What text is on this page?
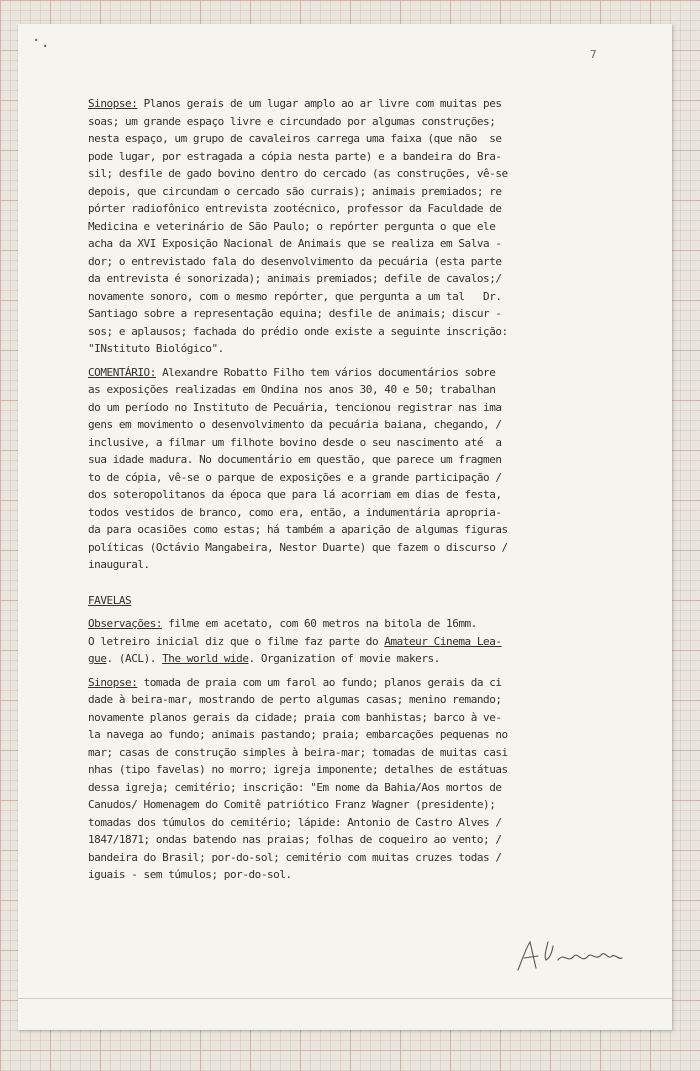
· ·	7
Sinopse: Planos gerais de um lugar amplo ao ar livre com muitas pes
soas; um grande espaço livre e circundado por algumas construções;
nesta espaço, um grupo de cavaleiros carrega uma faixa (que não  se
pode lugar, por estragada a cópia nesta parte) e a bandeira do Bra-
sil; desfile de gado bovino dentro do cercado (as construções, vê-se
depois, que circundam o cercado são currais); animais premiados; re
pórter radiofônico entrevista zootécnico, professor da Faculdade de
Medicina e veterinário de São Paulo; o repórter pergunta o que ele
acha da XVI Exposição Nacional de Animais que se realiza em Salva -
dor; o entrevistado fala do desenvolvimento da pecuária (esta parte
da entrevista é sonorizada); animais premiados; defile de cavalos;/
novamente sonoro, com o mesmo repórter, que pergunta a um tal   Dr.
Santiago sobre a representação equina; desfile de animais; discur -
sos; e aplausos; fachada do prédio onde existe a seguinte inscrição:
"INstituto Biológico".
COMENTÁRIO: Alexandre Robatto Filho tem vários documentários sobre
as exposições realizadas em Ondina nos anos 30, 40 e 50; trabalhan
do um período no Instituto de Pecuária, tencionou registrar nas ima
gens em movimento o desenvolvimento da pecuária baiana, chegando, /
inclusive, a filmar um filhote bovino desde o seu nascimento até  a
sua idade madura. No documentário em questão, que parece um fragmen
to de cópia, vê-se o parque de exposições e a grande participação /
dos soteropolitanos da época que para lá acorriam em dias de festa,
todos vestidos de branco, como era, então, a indumentária apropria-
da para ocasiões como estas; há também a aparição de algumas figuras
políticas (Octávio Mangabeira, Nestor Duarte) que fazem o discurso /
inaugural.
FAVELAS
Observações: filme em acetato, com 60 metros na bitola de 16mm.
O letreiro inicial diz que o filme faz parte do Amateur Cinema Lea-
gue. (ACL). The world wide. Organization of movie makers.
Sinopse: tomada de praia com um farol ao fundo; planos gerais da ci
dade à beira-mar, mostrando de perto algumas casas; menino remando;
novamente planos gerais da cidade; praia com banhistas; barco à ve-
la navega ao fundo; animais pastando; praia; embarcações pequenas no
mar; casas de construção simples à beira-mar; tomadas de muitas casi
nhas (tipo favelas) no morro; igreja imponente; detalhes de estátuas
dessa igreja; cemitério; inscrição: "Em nome da Bahia/Aos mortos de
Canudos/ Homenagem do Comitê patriótico Franz Wagner (presidente);
tomadas dos túmulos do cemitério; lápide: Antonio de Castro Alves /
1847/1871; ondas batendo nas praias; folhas de coqueiro ao vento; /
bandeira do Brasil; por-do-sol; cemitério com muitas cruzes todas /
iguais - sem túmulos; por-do-sol.
